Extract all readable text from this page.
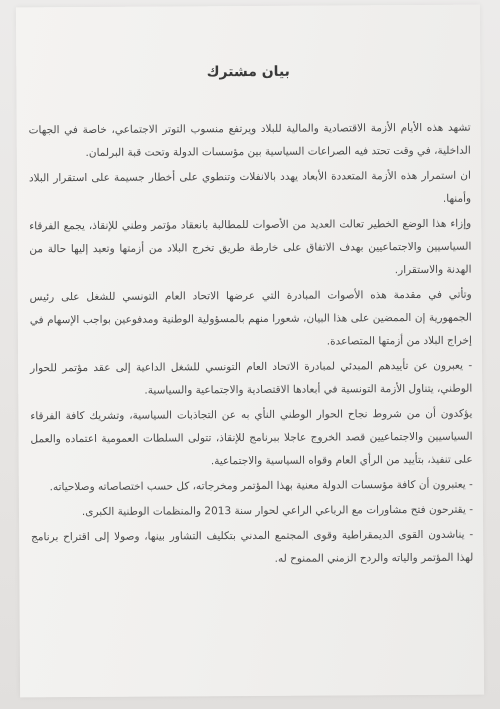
بيان مشترك

تشهد هذه الأيام الأزمة الاقتصادية والمالية للبلاد ويرتفع منسوب التوتر الاجتماعي، خاصة في الجهات الداخلية، في وقت تحتد فيه الصراعات السياسية بين مؤسسات الدولة وتحت قبة البرلمان.

ان استمرار هذه الأزمة المتعددة الأبعاد يهدد بالانفلات وتنطوي على أخطار جسيمة على استقرار البلاد وأمنها.

وإزاء هذا الوضع الخطير تعالت العديد من الأصوات للمطالبة بانعقاد مؤتمر وطني للإنقاذ، يجمع الفرقاء السياسيين والاجتماعيين بهدف الاتفاق على خارطة طريق تخرج البلاد من أزمتها وتعيد إليها حالة من الهدنة والاستقرار.

وتأتي في مقدمة هذه الأصوات المبادرة التي عرضها الاتحاد العام التونسي للشغل على رئيس الجمهورية إن الممضين على هذا البيان، شعورا منهم بالمسؤولية الوطنية ومدفوعين بواجب الإسهام في إخراج البلاد من أزمتها المتصاعدة.

- يعبرون عن تأييدهم المبدئي لمبادرة الاتحاد العام التونسي للشغل الداعية إلى عقد مؤتمر للحوار الوطني، يتناول الأزمة التونسية في أبعادها الاقتصادية والاجتماعية والسياسية.

يؤكدون أن من شروط نجاح الحوار الوطني النأي به عن التجاذبات السياسية، وتشريك كافة الفرقاء السياسيين والاجتماعيين قصد الخروج عاجلا ببرنامج للإنقاذ، تتولى السلطات العمومية اعتماده والعمل على تنفيذ، بتأييد من الرأي العام وقواه السياسية والاجتماعية.

- يعتبرون أن كافة مؤسسات الدولة معنية بهذا المؤتمر ومخرجاته، كل حسب اختصاصاته وصلاحياته.

- يقترحون فتح مشاورات مع الرباعي الراعي لحوار سنة 2013 والمنظمات الوطنية الكبرى.

- يناشدون القوى الديمقراطية وقوى المجتمع المدني بتكليف التشاور بينها، وصولا إلى اقتراح برنامج لهذا المؤتمر والياته والردح الزمني الممنوح له.
